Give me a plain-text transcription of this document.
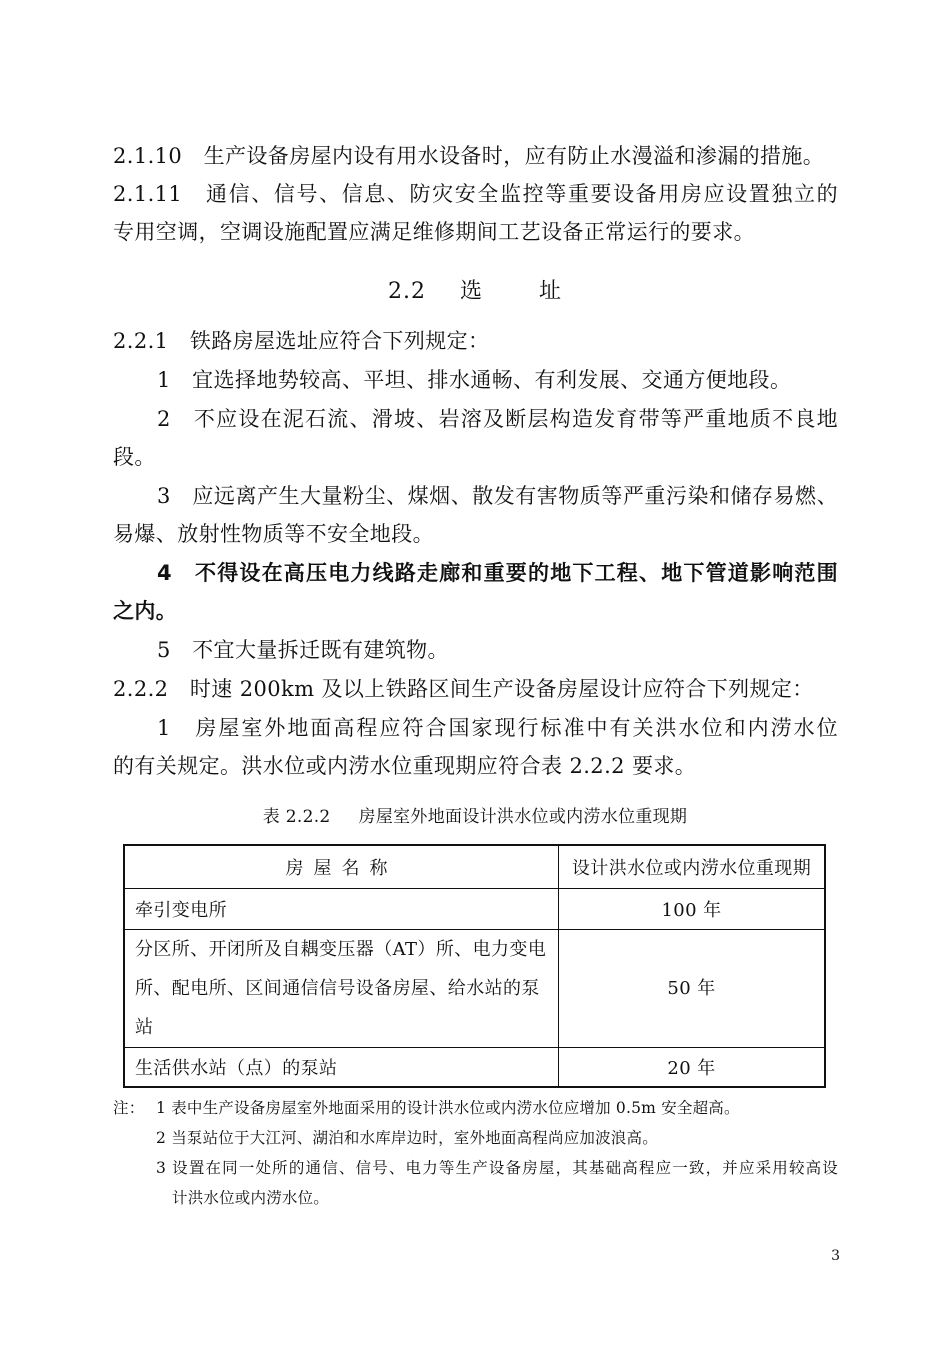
2.1.10　生产设备房屋内设有用水设备时，应有防止水漫溢和渗漏的措施。
2.1.11　通信、信号、信息、防灾安全监控等重要设备用房应设置独立的
专用空调，空调设施配置应满足维修期间工艺设备正常运行的要求。
2.2 选	址
2.2.1　铁路房屋选址应符合下列规定：
1　宜选择地势较高、平坦、排水通畅、有利发展、交通方便地段。
2　不应设在泥石流、滑坡、岩溶及断层构造发育带等严重地质不良地
段。
3　应远离产生大量粉尘、煤烟、散发有害物质等严重污染和储存易燃、
易爆、放射性物质等不安全地段。
4　不得设在高压电力线路走廊和重要的地下工程、地下管道影响范围
之内。
5　不宜大量拆迁既有建筑物。
2.2.2　时速 200km 及以上铁路区间生产设备房屋设计应符合下列规定：
1　房屋室外地面高程应符合国家现行标准中有关洪水位和内涝水位
的有关规定。洪水位或内涝水位重现期应符合表 2.2.2 要求。
表 2.2.2 房屋室外地面设计洪水位或内涝水位重现期
房屋名称	设计洪水位或内涝水位重现期
牵引变电所	100 年
分区所、开闭所及自耦变压器（AT）所、电力变电所、配电所、区间通信信号设备房屋、给水站的泵站	50 年
生活供水站（点）的泵站	20 年
注： 1 表中生产设备房屋室外地面采用的设计洪水位或内涝水位应增加 0.5m 安全超高。
2 当泵站位于大江河、湖泊和水库岸边时，室外地面高程尚应加波浪高。
3 设置在同一处所的通信、信号、电力等生产设备房屋，其基础高程应一致，并应采用较高设
计洪水位或内涝水位。
3
